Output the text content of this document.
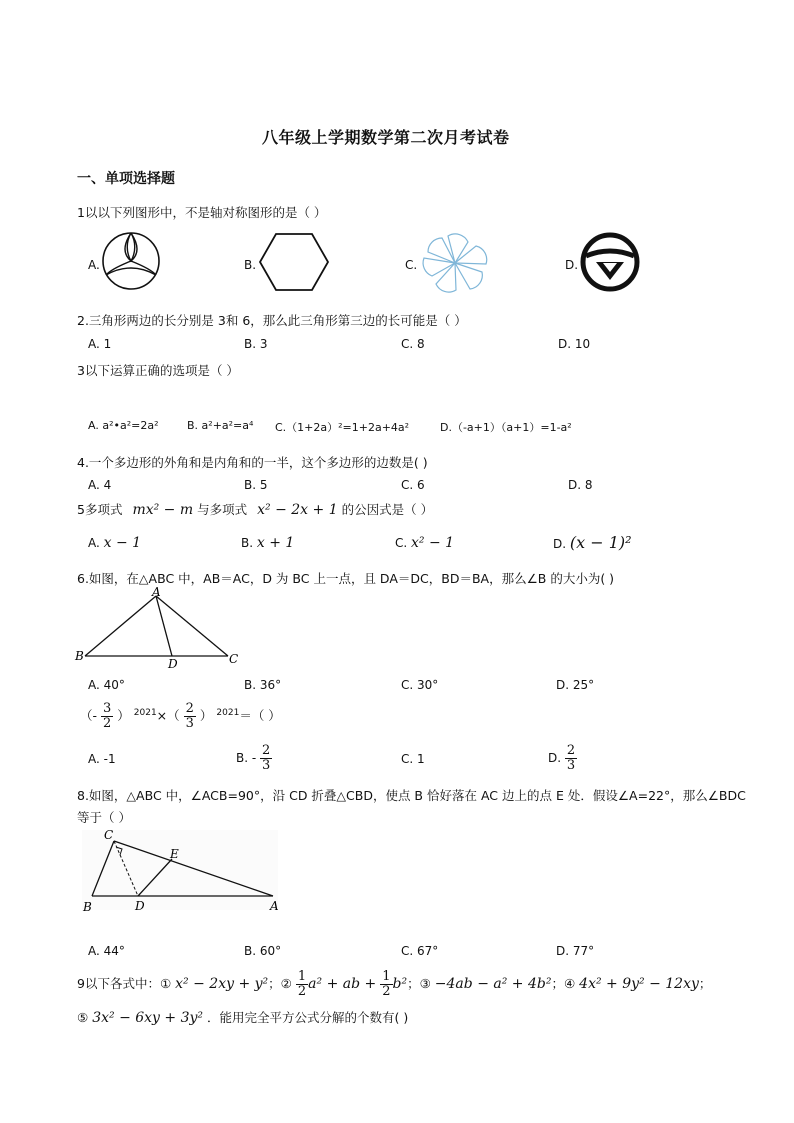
八年级上学期数学第二次月考试卷
一、单项选择题
1以以下列图形中，不是轴对称图形的是（ ）
A.	B.	C.	D.
2.三角形两边的长分别是 3和 6，那么此三角形第三边的长可能是（ ）
A. 1	B. 3	C. 8	D. 10
3以下运算正确的选项是（ ）
A. a²•a²=2a²	B. a²+a²=a⁴ C.（1+2a）²=1+2a+4a²	D.（-a+1）（a+1）=1-a²
4.一个多边形的外角和是内角和的一半，这个多边形的边数是( )
A. 4	B. 5	C. 6	D. 8
5多项式 mx² − m 与多项式 x² − 2x + 1 的公因式是（ ）
A. x − 1	B. x + 1	C. x² − 1	D. (x − 1)²
6.如图，在△ABC 中，AB＝AC，D 为 BC 上一点，且 DA＝DC，BD＝BA，那么∠B 的大小为( )
A
B
D	C
A. 40°	B. 36°	C. 30°	D. 25°
（- $\frac{3}{2}$ ） $^{2021}\times( \frac{2}{3}$ ） $^{2021}$＝（ ）
A. -1	B. - $\frac{2}{3}$	C. 1	D. $\frac{2}{3}$
8.如图，△ABC 中，∠ACB=90°，沿 CD 折叠△CBD，使点 B 恰好落在 AC 边上的点 E 处．假设∠A=22°，那么∠BDC
等于（ ）
C
E
B	D	A
A. 44°	B. 60°	C. 67°	D. 77°
9以下各式中：① x² − 2xy + y²；② $\frac{1}{2} a^2$ + ab + $\frac{1}{2} b^2$；③ −4ab − a² + 4b²；④ 4x² + 9y² − 12xy；
⑤ 3x² − 6xy + 3y² ．能用完全平方公式分解的个数有( )
